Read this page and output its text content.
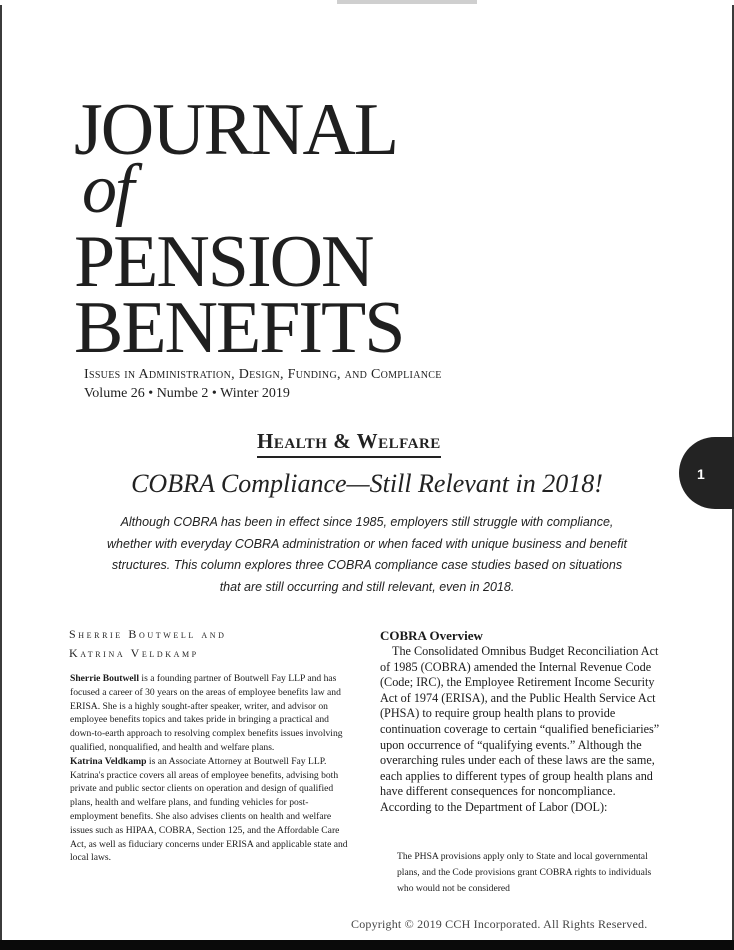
JOURNAL
of
PENSION
BENEFITS
Issues in Administration, Design, Funding, and Compliance
Volume 26 • Numbe 2 • Winter 2019
Health & Welfare
COBRA Compliance—Still Relevant in 2018!
Although COBRA has been in effect since 1985, employers still struggle with compliance, whether with everyday COBRA administration or when faced with unique business and benefit structures. This column explores three COBRA compliance case studies based on situations that are still occurring and still relevant, even in 2018.
Sherrie Boutwell and
Katrina Veldkamp

Sherrie Boutwell is a founding partner of Boutwell Fay LLP and has focused a career of 30 years on the areas of employee benefits law and ERISA. She is a highly sought-after speaker, writer, and advisor on employee benefits topics and takes pride in bringing a practical and down-to-earth approach to resolving complex benefits issues involving qualified, nonqualified, and health and welfare plans.

Katrina Veldkamp is an Associate Attorney at Boutwell Fay LLP. Katrina's practice covers all areas of employee benefits, advising both private and public sector clients on operation and design of qualified plans, health and welfare plans, and funding vehicles for post-employment benefits. She also advises clients on health and welfare issues such as HIPAA, COBRA, Section 125, and the Affordable Care Act, as well as fiduciary concerns under ERISA and applicable state and local laws.

COBRA Overview

The Consolidated Omnibus Budget Reconciliation Act of 1985 (COBRA) amended the Internal Revenue Code (Code; IRC), the Employee Retirement Income Security Act of 1974 (ERISA), and the Public Health Service Act (PHSA) to require group health plans to provide continuation coverage to certain “qualified beneficiaries” upon occurrence of “qualifying events.” Although the overarching rules under each of these laws are the same, each applies to different types of group health plans and have different consequences for noncompliance. According to the Department of Labor (DOL):

The PHSA provisions apply only to State and local governmental plans, and the Code provisions grant COBRA rights to individuals who would not be considered
Copyright © 2019 CCH Incorporated. All Rights Reserved.
1
